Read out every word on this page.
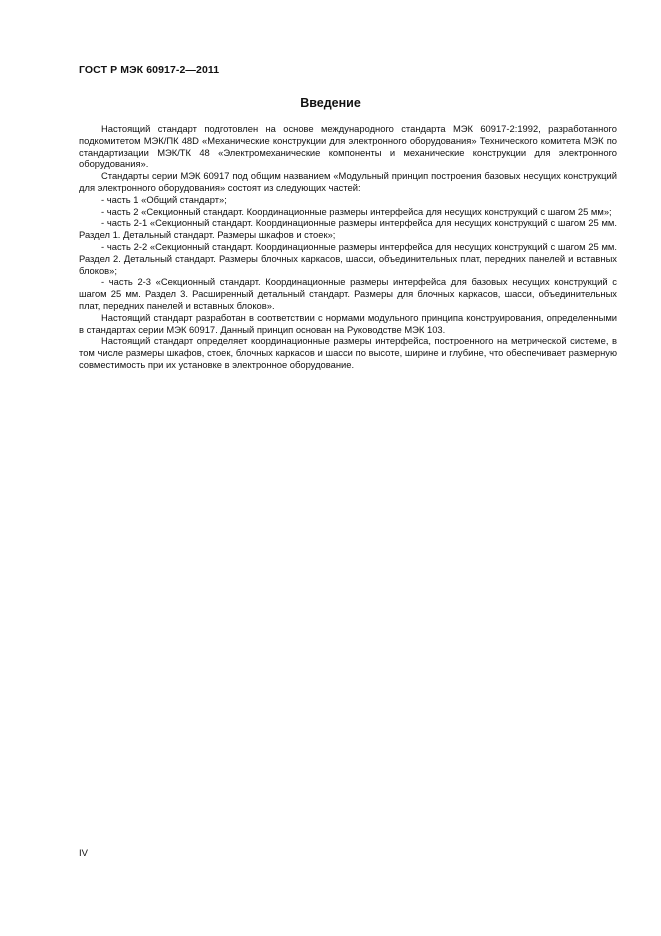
ГОСТ Р МЭК 60917-2—2011
Введение

Настоящий стандарт подготовлен на основе международного стандарта МЭК 60917-2:1992, разработанного подкомитетом МЭК/ПК 48D «Механические конструкции для электронного оборудования» Технического комитета МЭК по стандартизации МЭК/ТК 48 «Электромеханические компоненты и механические конструкции для электронного оборудования».

Стандарты серии МЭК 60917 под общим названием «Модульный принцип построения базовых несущих конструкций для электронного оборудования» состоят из следующих частей:

- часть 1 «Общий стандарт»;

- часть 2 «Секционный стандарт. Координационные размеры интерфейса для несущих конструкций с шагом 25 мм»;

- часть 2-1 «Секционный стандарт. Координационные размеры интерфейса для несущих конструкций с шагом 25 мм. Раздел 1. Детальный стандарт. Размеры шкафов и стоек»;

- часть 2-2 «Секционный стандарт. Координационные размеры интерфейса для несущих конструкций с шагом 25 мм. Раздел 2. Детальный стандарт. Размеры блочных каркасов, шасси, объединительных плат, передних панелей и вставных блоков»;

- часть 2-3 «Секционный стандарт. Координационные размеры интерфейса для базовых несущих конструкций с шагом 25 мм. Раздел 3. Расширенный детальный стандарт. Размеры для блочных каркасов, шасси, объединительных плат, передних панелей и вставных блоков».

Настоящий стандарт разработан в соответствии с нормами модульного принципа конструирования, определенными в стандартах серии МЭК 60917. Данный принцип основан на Руководстве МЭК 103.

Настоящий стандарт определяет координационные размеры интерфейса, построенного на метрической системе, в том числе размеры шкафов, стоек, блочных каркасов и шасси по высоте, ширине и глубине, что обеспечивает размерную совместимость при их установке в электронное оборудование.

IV
